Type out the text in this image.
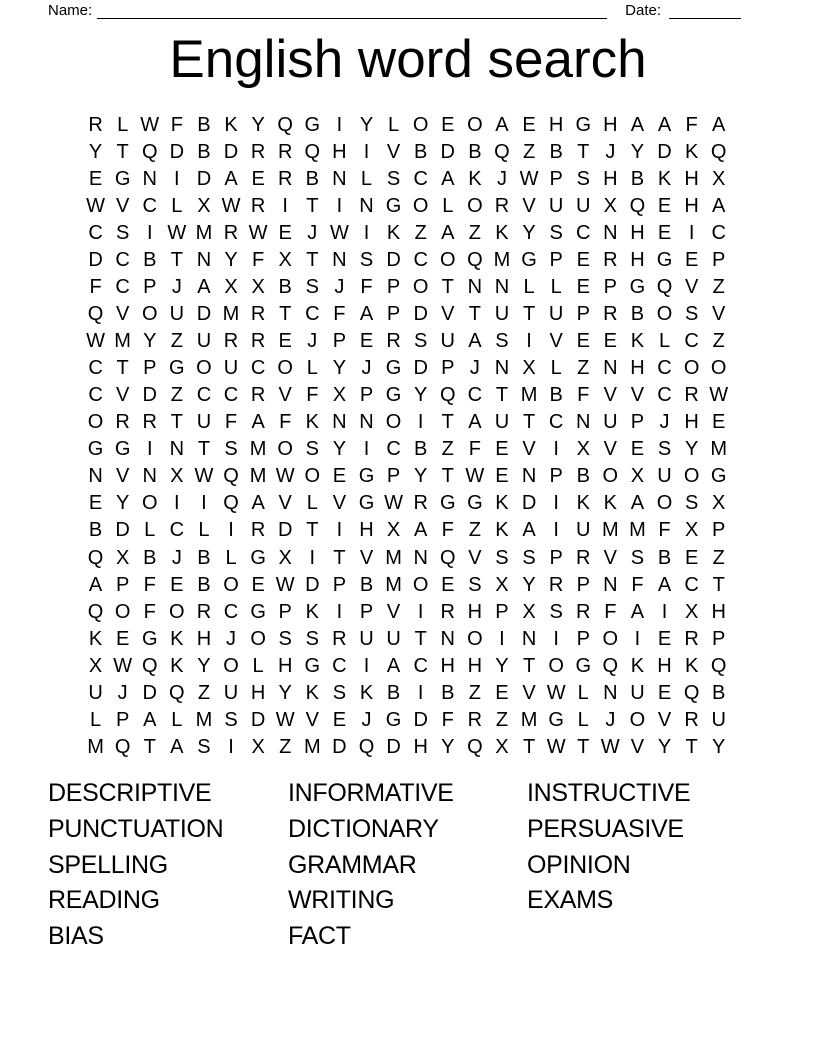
Name:	Date:
English word search
R L W F B K Y Q G I Y L O E O A E H G H A A F A
Y T Q D B D R R Q H I V B D B Q Z B T J Y D K Q
E G N I D A E R B N L S C A K J W P S H B K H X
W V C L X W R I T I N G O L O R V U U X Q E H A
C S I W M R W E J W I K Z A Z K Y S C N H E I C
D C B T N Y F X T N S D C O Q M G P E R H G E P
F C P J A X X B S J F P O T N N L L E P G Q V Z
Q V O U D M R T C F A P D V T U T U P R B O S V
W M Y Z U R R E J P E R S U A S I V E E K L C Z
C T P G O U C O L Y J G D P J N X L Z N H C O O
C V D Z C C R V F X P G Y Q C T M B F V V C R W
O R R T U F A F K N N O I T A U T C N U P J H E
G G I N T S M O S Y I C B Z F E V I X V E S Y M
N V N X W Q M W O E G P Y T W E N P B O X U O G
E Y O I	I Q A V L V G W R G G K D I K K A O S X
B D L C L I R D T I H X A F Z K A I U M M F X P
Q X B J B L G X I T V M N Q V S S P R V S B E Z
A P F E B O E W D P B M O E S X Y R P N F A C T
Q O F O R C G P K I P V I R H P X S R F A I X H
K E G K H J O S S R U U T N O I N I P O I E R P
X W Q K Y O L H G C I A C H H Y T O G Q K H K Q
U J D Q Z U H Y K S K B I B Z E V W L N U E Q B
L P A L M S D W V E J G D F R Z M G L J O V R U
M Q T A S I X Z M D Q D H Y Q X T W T W V Y T Y
DESCRIPTIVE
PUNCTUATION
SPELLING
READING
BIAS
INFORMATIVE
DICTIONARY
GRAMMAR
WRITING
FACT
INSTRUCTIVE
PERSUASIVE
OPINION
EXAMS
